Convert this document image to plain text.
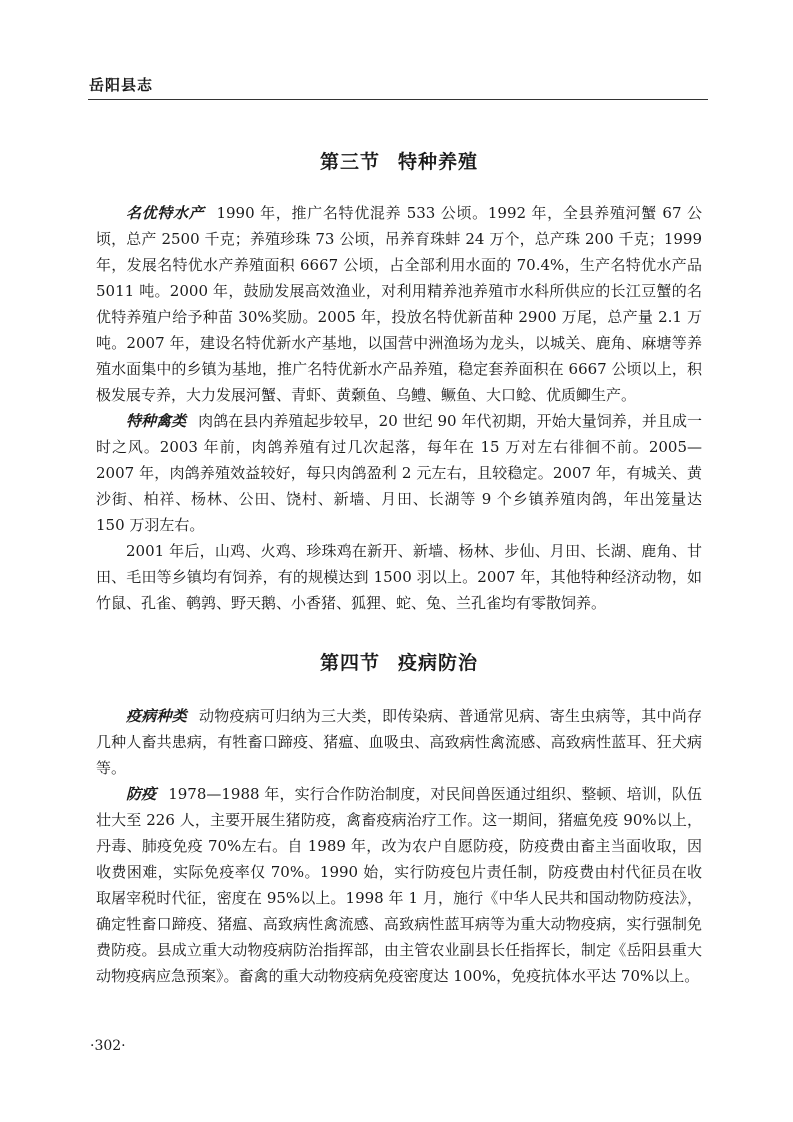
岳阳县志
第三节 特种养殖

名优特水产 1990 年，推广名特优混养 533 公顷。1992 年，全县养殖河蟹 67 公顷，总产 2500 千克；养殖珍珠 73 公顷，吊养育珠蚌 24 万个，总产珠 200 千克；1999 年，发展名特优水产养殖面积 6667 公顷，占全部利用水面的 70.4%，生产名特优水产品 5011 吨。2000 年，鼓励发展高效渔业，对利用精养池养殖市水科所供应的长江豆蟹的名优特养殖户给予种苗 30%奖励。2005 年，投放名特优新苗种 2900 万尾，总产量 2.1 万吨。2007 年，建设名特优新水产基地，以国营中洲渔场为龙头，以城关、鹿角、麻塘等养殖水面集中的乡镇为基地，推广名特优新水产品养殖，稳定套养面积在 6667 公顷以上，积极发展专养，大力发展河蟹、青虾、黄颡鱼、乌鳢、鳜鱼、大口鲶、优质鲫生产。

特种禽类 肉鸽在县内养殖起步较早，20 世纪 90 年代初期，开始大量饲养，并且成一时之风。2003 年前，肉鸽养殖有过几次起落，每年在 15 万对左右徘徊不前。2005—2007 年，肉鸽养殖效益较好，每只肉鸽盈利 2 元左右，且较稳定。2007 年，有城关、黄沙街、柏祥、杨林、公田、饶村、新墙、月田、长湖等 9 个乡镇养殖肉鸽，年出笼量达 150 万羽左右。

2001 年后，山鸡、火鸡、珍珠鸡在新开、新墙、杨林、步仙、月田、长湖、鹿角、甘田、毛田等乡镇均有饲养，有的规模达到 1500 羽以上。2007 年，其他特种经济动物，如竹鼠、孔雀、鹌鹑、野天鹅、小香猪、狐狸、蛇、兔、兰孔雀均有零散饲养。

第四节 疫病防治

疫病种类 动物疫病可归纳为三大类，即传染病、普通常见病、寄生虫病等，其中尚存几种人畜共患病，有牲畜口蹄疫、猪瘟、血吸虫、高致病性禽流感、高致病性蓝耳、狂犬病等。

防疫 1978—1988 年，实行合作防治制度，对民间兽医通过组织、整顿、培训，队伍壮大至 226 人，主要开展生猪防疫，禽畜疫病治疗工作。这一期间，猪瘟免疫 90%以上，丹毒、肺疫免疫 70%左右。自 1989 年，改为农户自愿防疫，防疫费由畜主当面收取，因收费困难，实际免疫率仅 70%。1990 始，实行防疫包片责任制，防疫费由村代征员在收取屠宰税时代征，密度在 95%以上。1998 年 1 月，施行《中华人民共和国动物防疫法》，确定牲畜口蹄疫、猪瘟、高致病性禽流感、高致病性蓝耳病等为重大动物疫病，实行强制免费防疫。县成立重大动物疫病防治指挥部，由主管农业副县长任指挥长，制定《岳阳县重大动物疫病应急预案》。畜禽的重大动物疫病免疫密度达 100%，免疫抗体水平达 70%以上。

·302·
